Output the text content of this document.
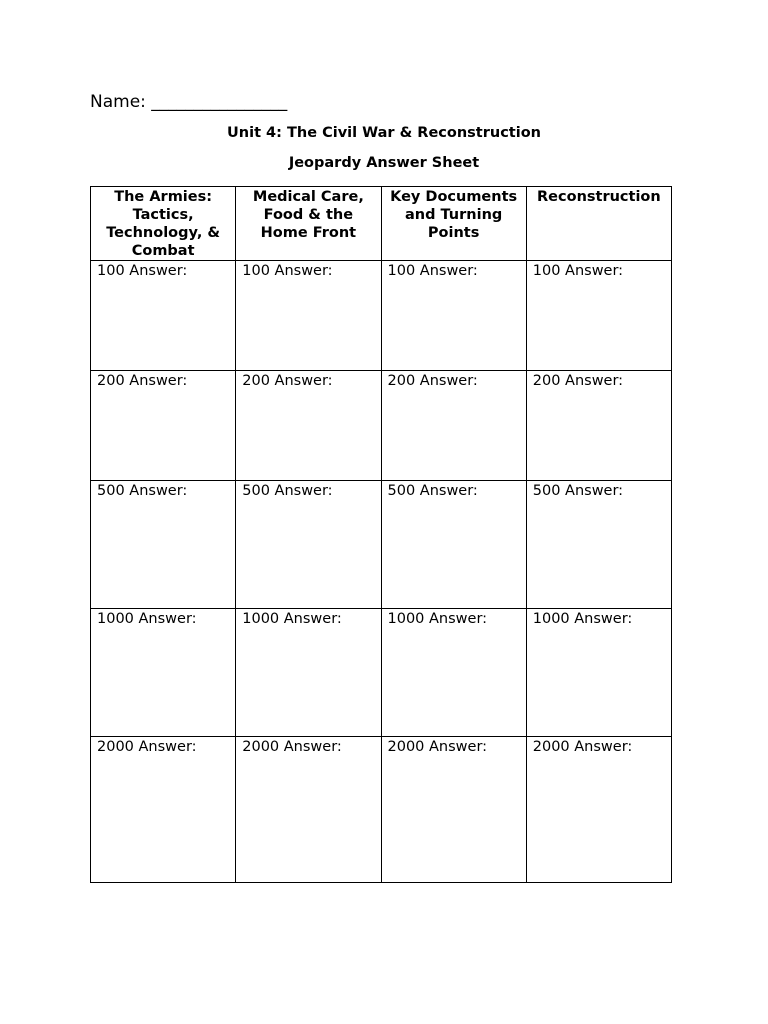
Name: ________________
Unit 4: The Civil War & Reconstruction
Jeopardy Answer Sheet
The Armies: Tactics, Technology, & Combat	Medical Care, Food & the Home Front	Key Documents and Turning Points	Reconstruction
100 Answer:	100 Answer:	100 Answer:	100 Answer:
200 Answer:	200 Answer:	200 Answer:	200 Answer:
500 Answer:	500 Answer:	500 Answer:	500 Answer:
1000 Answer:	1000 Answer:	1000 Answer:	1000 Answer:
2000 Answer:	2000 Answer:	2000 Answer:	2000 Answer:
